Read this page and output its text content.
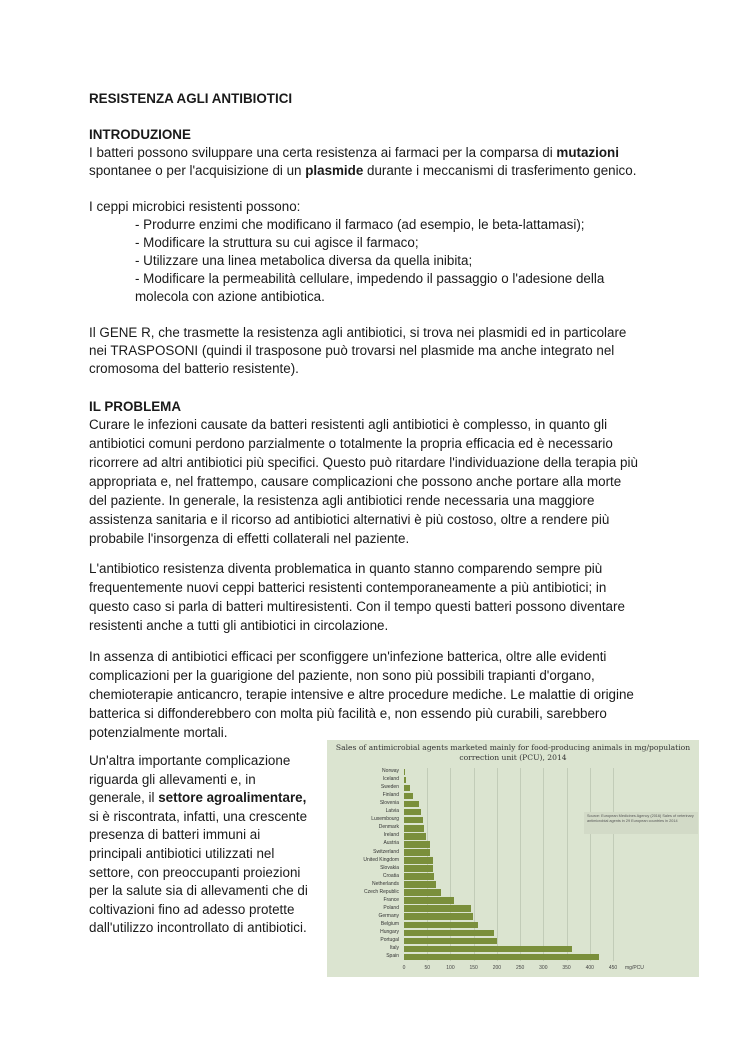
RESISTENZA AGLI ANTIBIOTICI
INTRODUZIONE
I batteri possono sviluppare una certa resistenza ai farmaci per la comparsa di mutazioni
spontanee o per l'acquisizione di un plasmide durante i meccanismi di trasferimento genico.
I ceppi microbici resistenti possono:
- Produrre enzimi che modificano il farmaco (ad esempio, le beta-lattamasi);
- Modificare la struttura su cui agisce il farmaco;
- Utilizzare una linea metabolica diversa da quella inibita;
- Modificare la permeabilità cellulare, impedendo il passaggio o l'adesione della
molecola con azione antibiotica.
Il GENE R, che trasmette la resistenza agli antibiotici, si trova nei plasmidi ed in particolare
nei TRASPOSONI (quindi il trasposone può trovarsi nel plasmide ma anche integrato nel
cromosoma del batterio resistente).
IL PROBLEMA
Curare le infezioni causate da batteri resistenti agli antibiotici è complesso, in quanto gli
antibiotici comuni perdono parzialmente o totalmente la propria efficacia ed è necessario
ricorrere ad altri antibiotici più specifici. Questo può ritardare l'individuazione della terapia più
appropriata e, nel frattempo, causare complicazioni che possono anche portare alla morte
del paziente. In generale, la resistenza agli antibiotici rende necessaria una maggiore
assistenza sanitaria e il ricorso ad antibiotici alternativi è più costoso, oltre a rendere più
probabile l'insorgenza di effetti collaterali nel paziente.
L'antibiotico resistenza diventa problematica in quanto stanno comparendo sempre più
frequentemente nuovi ceppi batterici resistenti contemporaneamente a più antibiotici; in
questo caso si parla di batteri multiresistenti. Con il tempo questi batteri possono diventare
resistenti anche a tutti gli antibiotici in circolazione.
In assenza di antibiotici efficaci per sconfiggere un'infezione batterica, oltre alle evidenti
complicazioni per la guarigione del paziente, non sono più possibili trapianti d'organo,
chemioterapie anticancro, terapie intensive e altre procedure mediche. Le malattie di origine
batterica si diffonderebbero con molta più facilità e, non essendo più curabili, sarebbero
potenzialmente mortali.
Un'altra importante complicazione
riguarda gli allevamenti e, in
generale, il settore agroalimentare,
si è riscontrata, infatti, una crescente
presenza di batteri immuni ai
principali antibiotici utilizzati nel
settore, con preoccupanti proiezioni
per la salute sia di allevamenti che di
coltivazioni fino ad adesso protette
dall'utilizzo incontrollato di antibiotici.
Sales of antimicrobial agents marketed mainly for food-producing animals in mg/population correction unit (PCU), 2014
0	50	100	150	200	250	300	350	400	450 mg/PCU
Norway
Iceland
Sweden
Finland
Slovenia
Latvia
Luxembourg
Denmark
Ireland
Austria
Switzerland
United Kingdom
Slovakia
Croatia
Netherlands
Czech Republic
France
Poland
Germany
Belgium
Hungary
Portugal
Italy
Spain
Source: European Medicines Agency (2016) Sales of veterinary antimicrobial agents in 29 European countries in 2014
